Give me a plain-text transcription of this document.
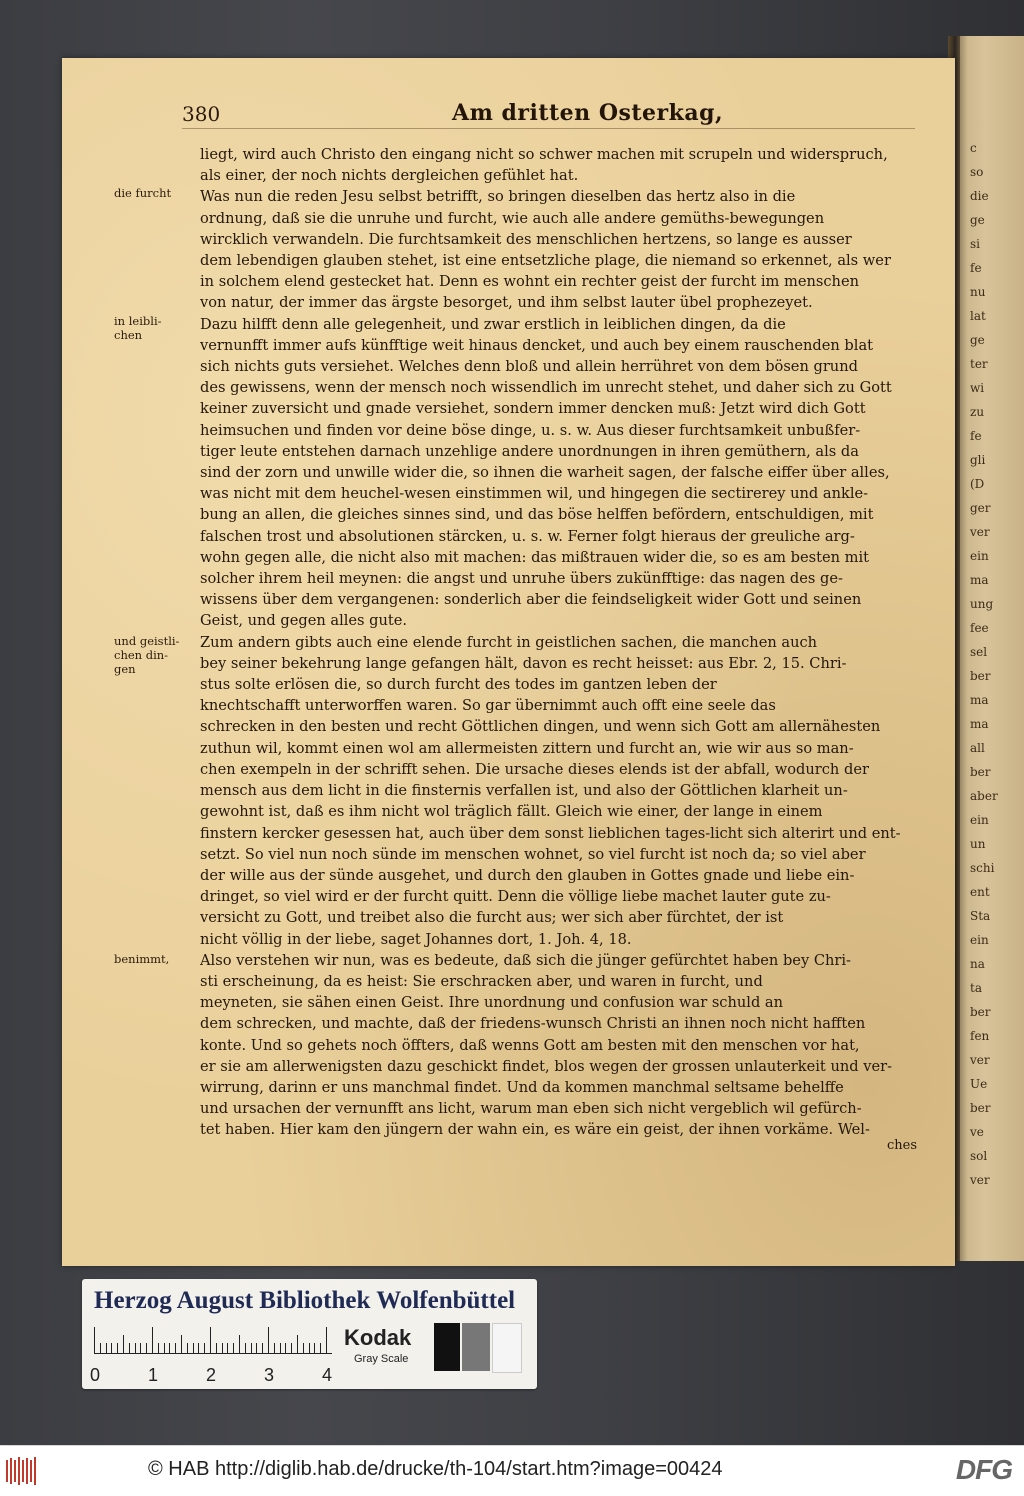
c
so
die
ge
si
fe
nu
lat
ge
ter
wi
zu
fe
gli
(D
ger
ver
ein
ma
ung
fee
sel
ber
ma
ma
all
ber
aber
ein
un
schi
ent
Sta
ein
na
ta
ber
fen
ver
Ue
ber
ve
sol
ver
380	Am dritten Osterkag,
die furcht
in leibli-
chen
und geistli-
chen din-
gen
benimmt,
liegt, wird auch Christo den eingang nicht so schwer machen mit scrupeln und widerspruch,
als einer, der noch nichts dergleichen gefühlet hat.
Was nun die reden Jesu selbst betrifft, so bringen dieselben das hertz also in die
ordnung, daß sie die unruhe und furcht, wie auch alle andere gemüths-bewegungen
wircklich verwandeln. Die furchtsamkeit des menschlichen hertzens, so lange es ausser
dem lebendigen glauben stehet, ist eine entsetzliche plage, die niemand so erkennet, als wer
in solchem elend gestecket hat. Denn es wohnt ein rechter geist der furcht im menschen
von natur, der immer das ärgste besorget, und ihm selbst lauter übel prophezeyet.
Dazu hilfft denn alle gelegenheit, und zwar erstlich in leiblichen dingen, da die
vernunfft immer aufs künfftige weit hinaus dencket, und auch bey einem rauschenden blat
sich nichts guts versiehet. Welches denn bloß und allein herrühret von dem bösen grund
des gewissens, wenn der mensch noch wissendlich im unrecht stehet, und daher sich zu Gott
keiner zuversicht und gnade versiehet, sondern immer dencken muß: Jetzt wird dich Gott
heimsuchen und finden vor deine böse dinge, u. s. w. Aus dieser furchtsamkeit unbußfer-
tiger leute entstehen darnach unzehlige andere unordnungen in ihren gemüthern, als da
sind der zorn und unwille wider die, so ihnen die warheit sagen, der falsche eiffer über alles,
was nicht mit dem heuchel-wesen einstimmen wil, und hingegen die sectirerey und ankle-
bung an allen, die gleiches sinnes sind, und das böse helffen befördern, entschuldigen, mit
falschen trost und absolutionen stärcken, u. s. w. Ferner folgt hieraus der greuliche arg-
wohn gegen alle, die nicht also mit machen: das mißtrauen wider die, so es am besten mit
solcher ihrem heil meynen: die angst und unruhe übers zukünfftige: das nagen des ge-
wissens über dem vergangenen: sonderlich aber die feindseligkeit wider Gott und seinen
Geist, und gegen alles gute.
Zum andern gibts auch eine elende furcht in geistlichen sachen, die manchen auch
bey seiner bekehrung lange gefangen hält, davon es recht heisset: aus Ebr. 2, 15. Chri-
stus solte erlösen die, so durch furcht des todes im gantzen leben der
knechtschafft unterworffen waren. So gar übernimmt auch offt eine seele das
schrecken in den besten und recht Göttlichen dingen, und wenn sich Gott am allernähesten
zuthun wil, kommt einen wol am allermeisten zittern und furcht an, wie wir aus so man-
chen exempeln in der schrifft sehen. Die ursache dieses elends ist der abfall, wodurch der
mensch aus dem licht in die finsternis verfallen ist, und also der Göttlichen klarheit un-
gewohnt ist, daß es ihm nicht wol träglich fällt. Gleich wie einer, der lange in einem
finstern kercker gesessen hat, auch über dem sonst lieblichen tages-licht sich alterirt und ent-
setzt. So viel nun noch sünde im menschen wohnet, so viel furcht ist noch da; so viel aber
der wille aus der sünde ausgehet, und durch den glauben in Gottes gnade und liebe ein-
dringet, so viel wird er der furcht quitt. Denn die völlige liebe machet lauter gute zu-
versicht zu Gott, und treibet also die furcht aus; wer sich aber fürchtet, der ist
nicht völlig in der liebe, saget Johannes dort, 1. Joh. 4, 18.
Also verstehen wir nun, was es bedeute, daß sich die jünger gefürchtet haben bey Chri-
sti erscheinung, da es heist: Sie erschracken aber, und waren in furcht, und
meyneten, sie sähen einen Geist. Ihre unordnung und confusion war schuld an
dem schrecken, und machte, daß der friedens-wunsch Christi an ihnen noch nicht hafften
konte. Und so gehets noch öffters, daß wenns Gott am besten mit den menschen vor hat,
er sie am allerwenigsten dazu geschickt findet, blos wegen der grossen unlauterkeit und ver-
wirrung, darinn er uns manchmal findet. Und da kommen manchmal seltsame behelffe
und ursachen der vernunfft ans licht, warum man eben sich nicht vergeblich wil gefürch-
tet haben. Hier kam den jüngern der wahn ein, es wäre ein geist, der ihnen vorkäme. Wel-
ches
Herzog August Bibliothek Wolfenbüttel
Kodak
Gray Scale
0	1	2	3	4
© HAB http://diglib.hab.de/drucke/th-104/start.htm?image=00424	DFG
